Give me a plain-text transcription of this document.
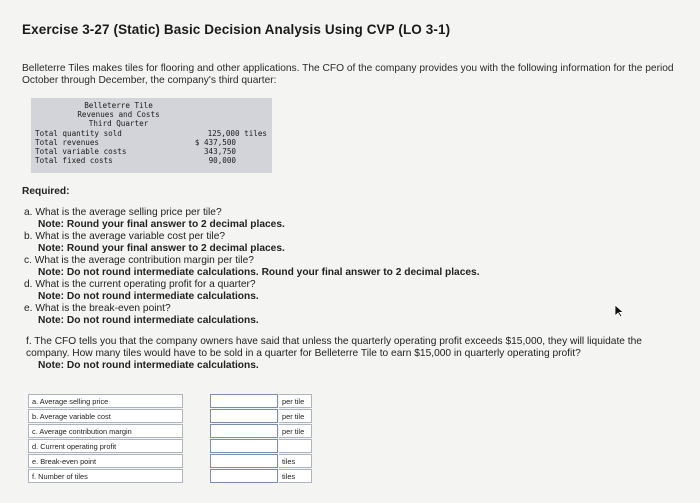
Exercise 3-27 (Static) Basic Decision Analysis Using CVP (LO 3-1)
Belleterre Tiles makes tiles for flooring and other applications. The CFO of the company provides you with the following information for the period October through December, the company's third quarter:
Belleterre Tile
Revenues and Costs
Third Quarter
Total quantity sold	125,000 tiles
Total revenues	$ 437,500
Total variable costs	343,750
Total fixed costs	90,000
Required:
a. What is the average selling price per tile?
Note: Round your final answer to 2 decimal places.
b. What is the average variable cost per tile?
Note: Round your final answer to 2 decimal places.
c. What is the average contribution margin per tile?
Note: Do not round intermediate calculations. Round your final answer to 2 decimal places.
d. What is the current operating profit for a quarter?
Note: Do not round intermediate calculations.
e. What is the break-even point?
Note: Do not round intermediate calculations.
f. The CFO tells you that the company owners have said that unless the quarterly operating profit exceeds $15,000, they will liquidate the company. How many tiles would have to be sold in a quarter for Belleterre Tile to earn $15,000 in quarterly operating profit?
Note: Do not round intermediate calculations.
a. Average selling price	per tile
b. Average variable cost	per tile
c. Average contribution margin	per tile
d. Current operating profit
e. Break-even point	tiles
f. Number of tiles	tiles
